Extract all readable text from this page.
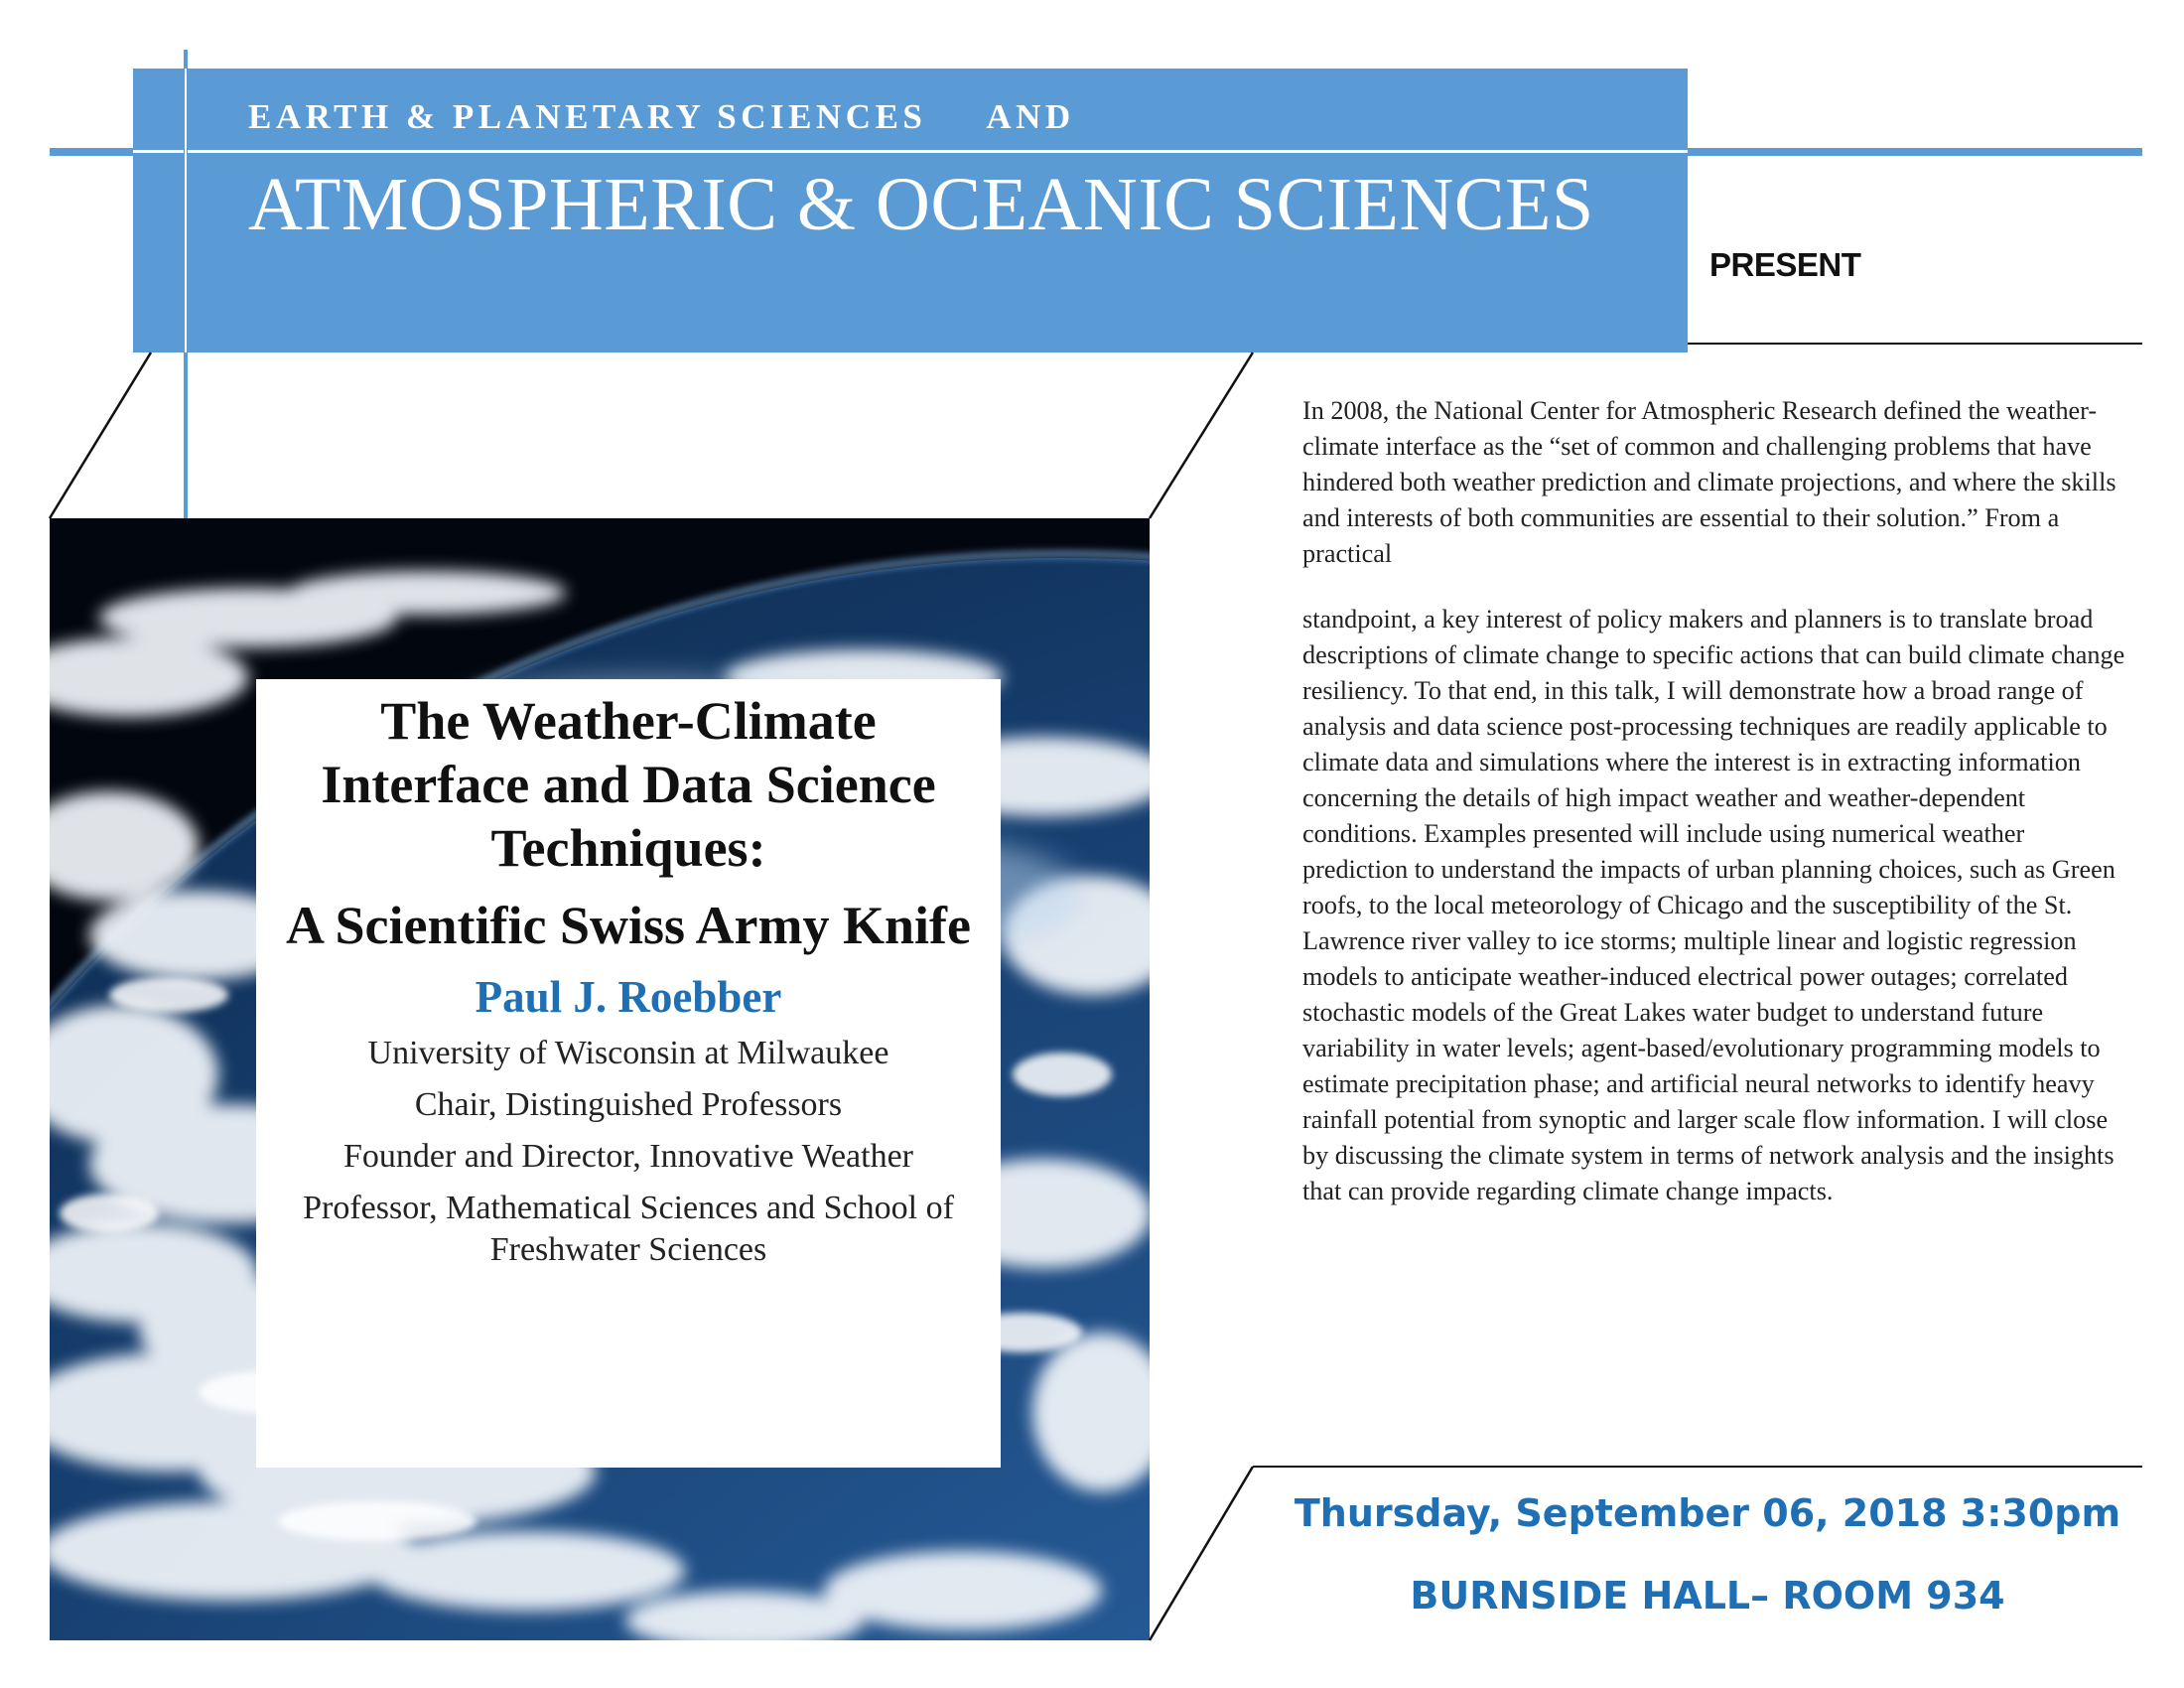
EARTH & PLANETARY SCIENCES AND
ATMOSPHERIC & OCEANIC SCIENCES
PRESENT
The Weather-Climate Interface and Data Science Techniques:
A Scientific Swiss Army Knife
Paul J. Roebber
University of Wisconsin at Milwaukee
Chair, Distinguished Professors
Founder and Director, Innovative Weather
Professor, Mathematical Sciences and School of Freshwater Sciences

In 2008, the National Center for Atmospheric Research defined the weather-climate interface as the “set of common and challenging problems that have hindered both weather prediction and climate projections, and where the skills and interests of both communities are essential to their solution.” From a practical

standpoint, a key interest of policy makers and planners is to translate broad descriptions of climate change to specific actions that can build climate change resiliency. To that end, in this talk, I will demonstrate how a broad range of analysis and data science post-processing techniques are readily applicable to climate data and simulations where the interest is in extracting information concerning the details of high impact weather and weather-dependent conditions. Examples presented will include using numerical weather prediction to understand the impacts of urban planning choices, such as Green roofs, to the local meteorology of Chicago and the susceptibility of the St. Lawrence river valley to ice storms; multiple linear and logistic regression models to anticipate weather-induced electrical power outages; correlated stochastic models of the Great Lakes water budget to understand future variability in water levels; agent-based/evolutionary programming models to estimate precipitation phase; and artificial neural networks to identify heavy rainfall potential from synoptic and larger scale flow information. I will close by discussing the climate system in terms of network analysis and the insights that can provide regarding climate change impacts.

Thursday, September 06, 2018 3:30pm
BURNSIDE HALL– ROOM 934
